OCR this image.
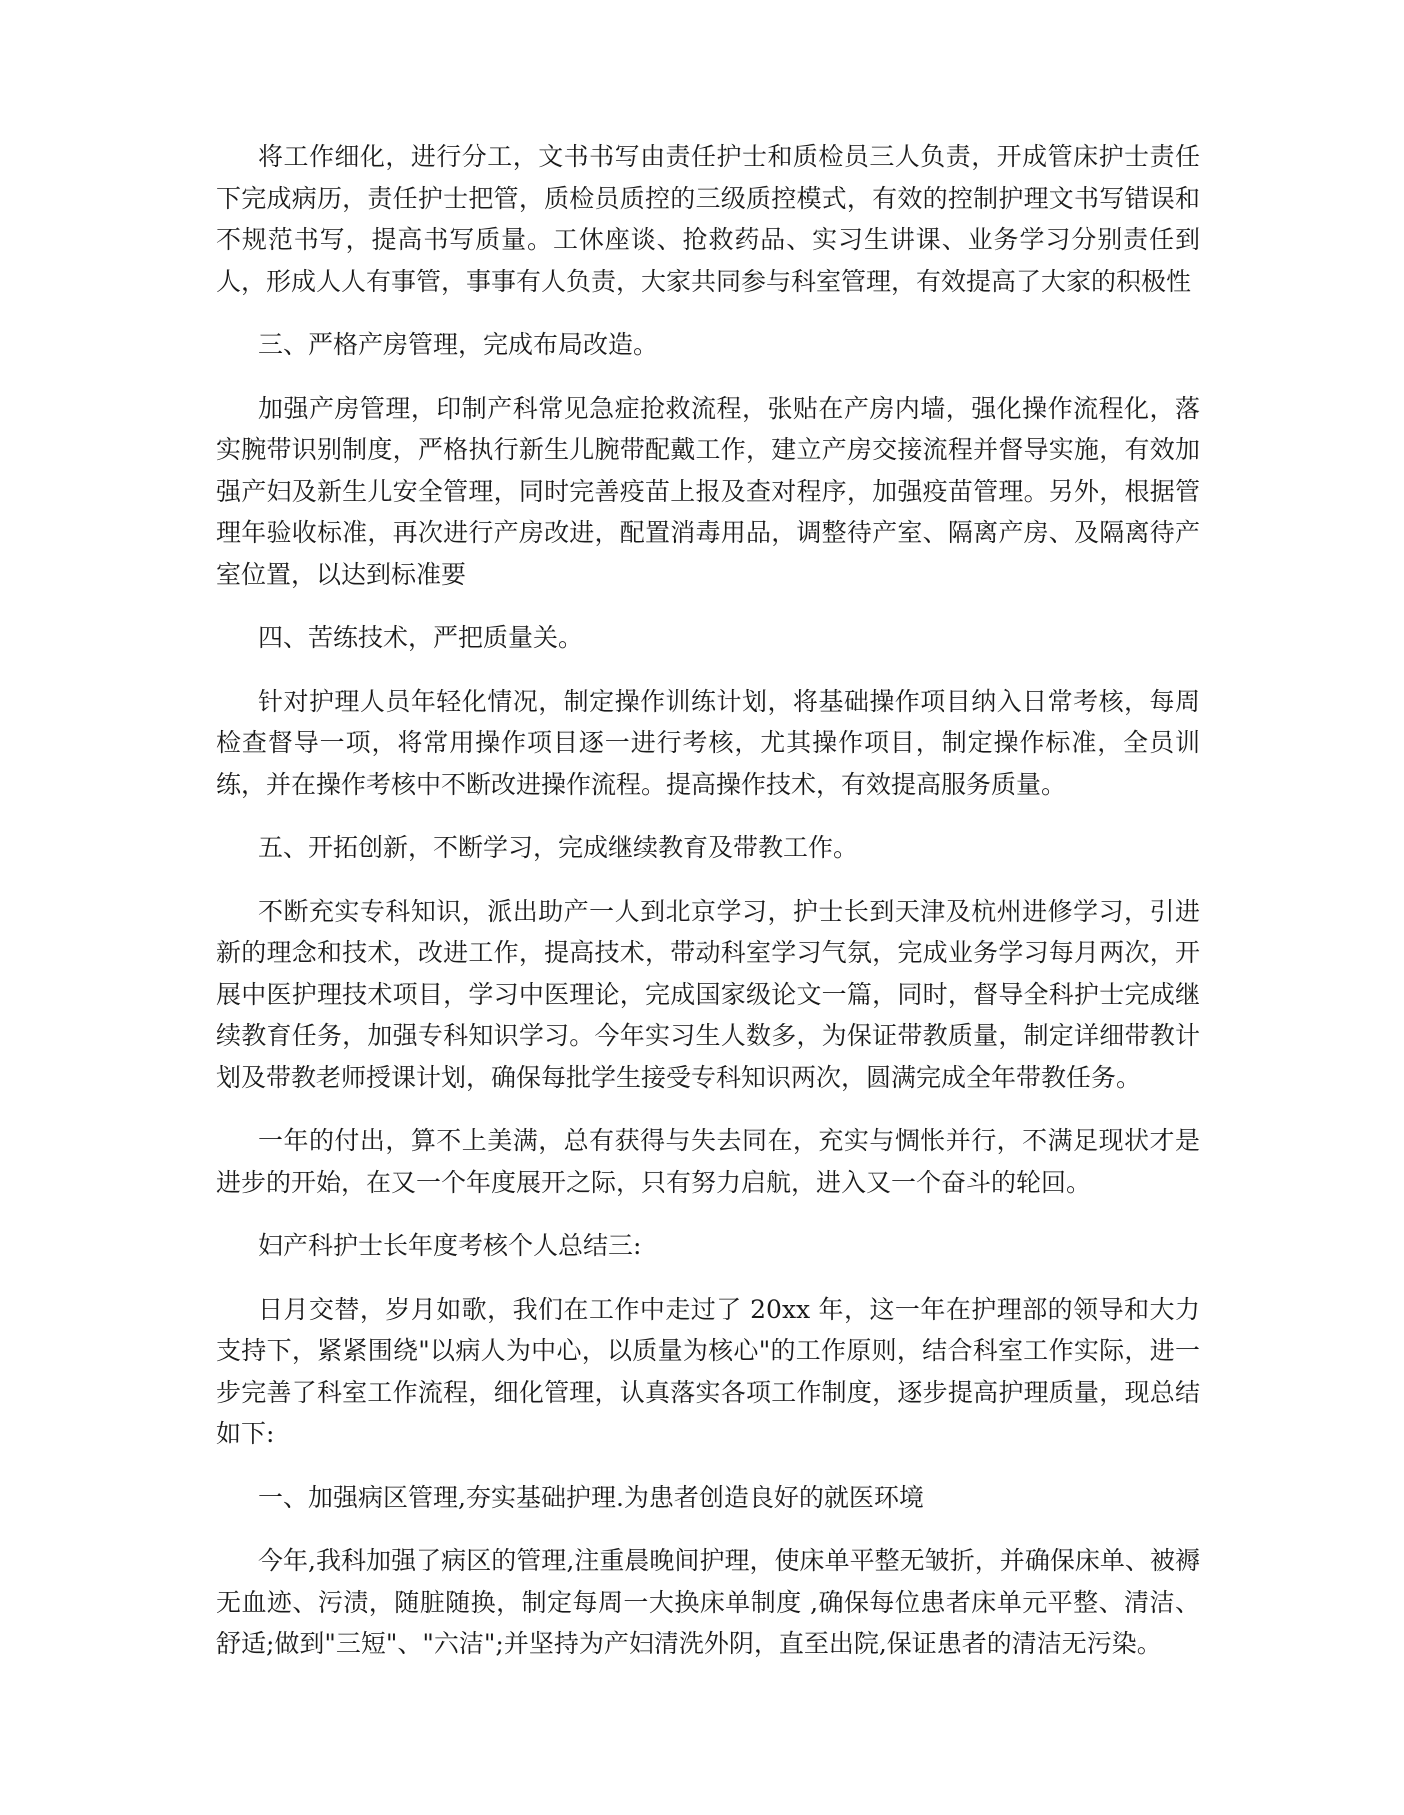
将工作细化，进行分工，文书书写由责任护士和质检员三人负责，开成管床护士责任下完成病历，责任护士把管，质检员质控的三级质控模式，有效的控制护理文书写错误和不规范书写，提高书写质量。工休座谈、抢救药品、实习生讲课、业务学习分别责任到人，形成人人有事管，事事有人负责，大家共同参与科室管理，有效提高了大家的积极性

三、严格产房管理，完成布局改造。

加强产房管理，印制产科常见急症抢救流程，张贴在产房内墙，强化操作流程化，落实腕带识别制度，严格执行新生儿腕带配戴工作，建立产房交接流程并督导实施，有效加强产妇及新生儿安全管理，同时完善疫苗上报及查对程序，加强疫苗管理。另外，根据管理年验收标准，再次进行产房改进，配置消毒用品，调整待产室、隔离产房、及隔离待产室位置，以达到标准要

四、苦练技术，严把质量关。

针对护理人员年轻化情况，制定操作训练计划，将基础操作项目纳入日常考核，每周检查督导一项，将常用操作项目逐一进行考核，尤其操作项目，制定操作标准，全员训练，并在操作考核中不断改进操作流程。提高操作技术，有效提高服务质量。

五、开拓创新，不断学习，完成继续教育及带教工作。

不断充实专科知识，派出助产一人到北京学习，护士长到天津及杭州进修学习，引进新的理念和技术，改进工作，提高技术，带动科室学习气氛，完成业务学习每月两次，开展中医护理技术项目，学习中医理论，完成国家级论文一篇，同时，督导全科护士完成继续教育任务，加强专科知识学习。今年实习生人数多，为保证带教质量，制定详细带教计划及带教老师授课计划，确保每批学生接受专科知识两次，圆满完成全年带教任务。

一年的付出，算不上美满，总有获得与失去同在，充实与惆怅并行，不满足现状才是进步的开始，在又一个年度展开之际，只有努力启航，进入又一个奋斗的轮回。

妇产科护士长年度考核个人总结三:

日月交替，岁月如歌，我们在工作中走过了 20xx 年，这一年在护理部的领导和大力支持下，紧紧围绕"以病人为中心，以质量为核心"的工作原则，结合科室工作实际，进一步完善了科室工作流程，细化管理，认真落实各项工作制度，逐步提高护理质量，现总结如下:

一、加强病区管理,夯实基础护理.为患者创造良好的就医环境

今年,我科加强了病区的管理,注重晨晚间护理，使床单平整无皱折，并确保床单、被褥无血迹、污渍，随脏随换，制定每周一大换床单制度 ,确保每位患者床单元平整、清洁、舒适;做到"三短"、"六洁";并坚持为产妇清洗外阴，直至出院,保证患者的清洁无污染。
